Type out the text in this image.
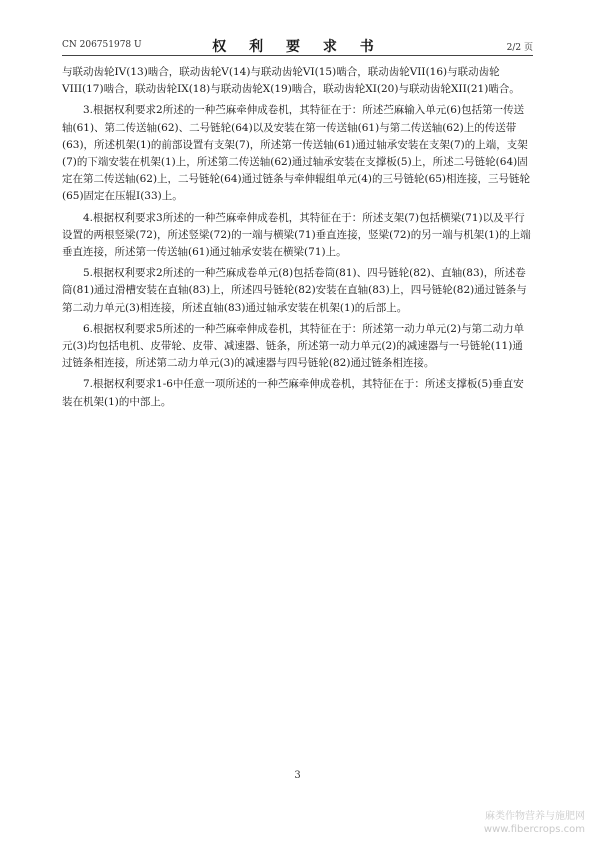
CN 206751978 U	权 利 要 求 书	2/2 页

与联动齿轮IV(13)啮合，联动齿轮V(14)与联动齿轮VI(15)啮合，联动齿轮VII(16)与联动齿轮VIII(17)啮合，联动齿轮IX(18)与联动齿轮X(19)啮合，联动齿轮XI(20)与联动齿轮XII(21)啮合。

3.根据权利要求2所述的一种苎麻牵伸成卷机，其特征在于：所述苎麻输入单元(6)包括第一传送轴(61)、第二传送轴(62)、二号链轮(64)以及安装在第一传送轴(61)与第二传送轴(62)上的传送带(63)，所述机架(1)的前部设置有支架(7)，所述第一传送轴(61)通过轴承安装在支架(7)的上端，支架(7)的下端安装在机架(1)上，所述第二传送轴(62)通过轴承安装在支撑板(5)上，所述二号链轮(64)固定在第二传送轴(62)上，二号链轮(64)通过链条与牵伸辊组单元(4)的三号链轮(65)相连接，三号链轮(65)固定在压辊I(33)上。

4.根据权利要求3所述的一种苎麻牵伸成卷机，其特征在于：所述支架(7)包括横梁(71)以及平行设置的两根竖梁(72)，所述竖梁(72)的一端与横梁(71)垂直连接，竖梁(72)的另一端与机架(1)的上端垂直连接，所述第一传送轴(61)通过轴承安装在横梁(71)上。

5.根据权利要求2所述的一种苎麻成卷单元(8)包括卷筒(81)、四号链轮(82)、直轴(83)，所述卷筒(81)通过滑槽安装在直轴(83)上，所述四号链轮(82)安装在直轴(83)上，四号链轮(82)通过链条与第二动力单元(3)相连接，所述直轴(83)通过轴承安装在机架(1)的后部上。

6.根据权利要求5所述的一种苎麻牵伸成卷机，其特征在于：所述第一动力单元(2)与第二动力单元(3)均包括电机、皮带轮、皮带、减速器、链条，所述第一动力单元(2)的减速器与一号链轮(11)通过链条相连接，所述第二动力单元(3)的减速器与四号链轮(82)通过链条相连接。

7.根据权利要求1-6中任意一项所述的一种苎麻牵伸成卷机，其特征在于：所述支撑板(5)垂直安装在机架(1)的中部上。

3
麻类作物营养与施肥网
www.fibercrops.com
